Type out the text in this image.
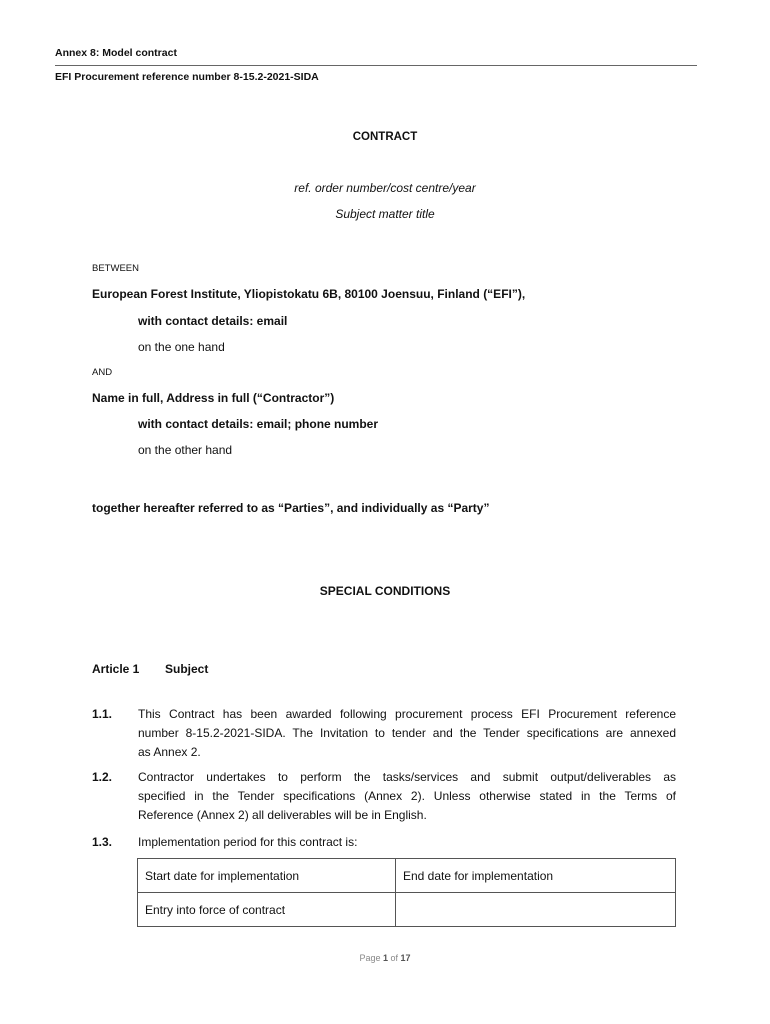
Annex 8: Model contract
EFI Procurement reference number 8-15.2-2021-SIDA
CONTRACT
ref. order number/cost centre/year
Subject matter title
BETWEEN
European Forest Institute, Yliopistokatu 6B, 80100 Joensuu, Finland (“EFI”),
with contact details: email
on the one hand
AND
Name in full, Address in full (“Contractor”)
with contact details: email; phone number
on the other hand
together hereafter referred to as “Parties”, and individually as “Party”
SPECIAL CONDITIONS
Article 1 Subject
1.1. This Contract has been awarded following procurement process EFI Procurement reference
number 8-15.2-2021-SIDA. The Invitation to tender and the Tender specifications are annexed
as Annex 2.
1.2. Contractor undertakes to perform the tasks/services and submit output/deliverables as
specified in the Tender specifications (Annex 2). Unless otherwise stated in the Terms of
Reference (Annex 2) all deliverables will be in English.
1.3. Implementation period for this contract is:
Start date for implementation	End date for implementation
Entry into force of contract	
Page 1 of 17
